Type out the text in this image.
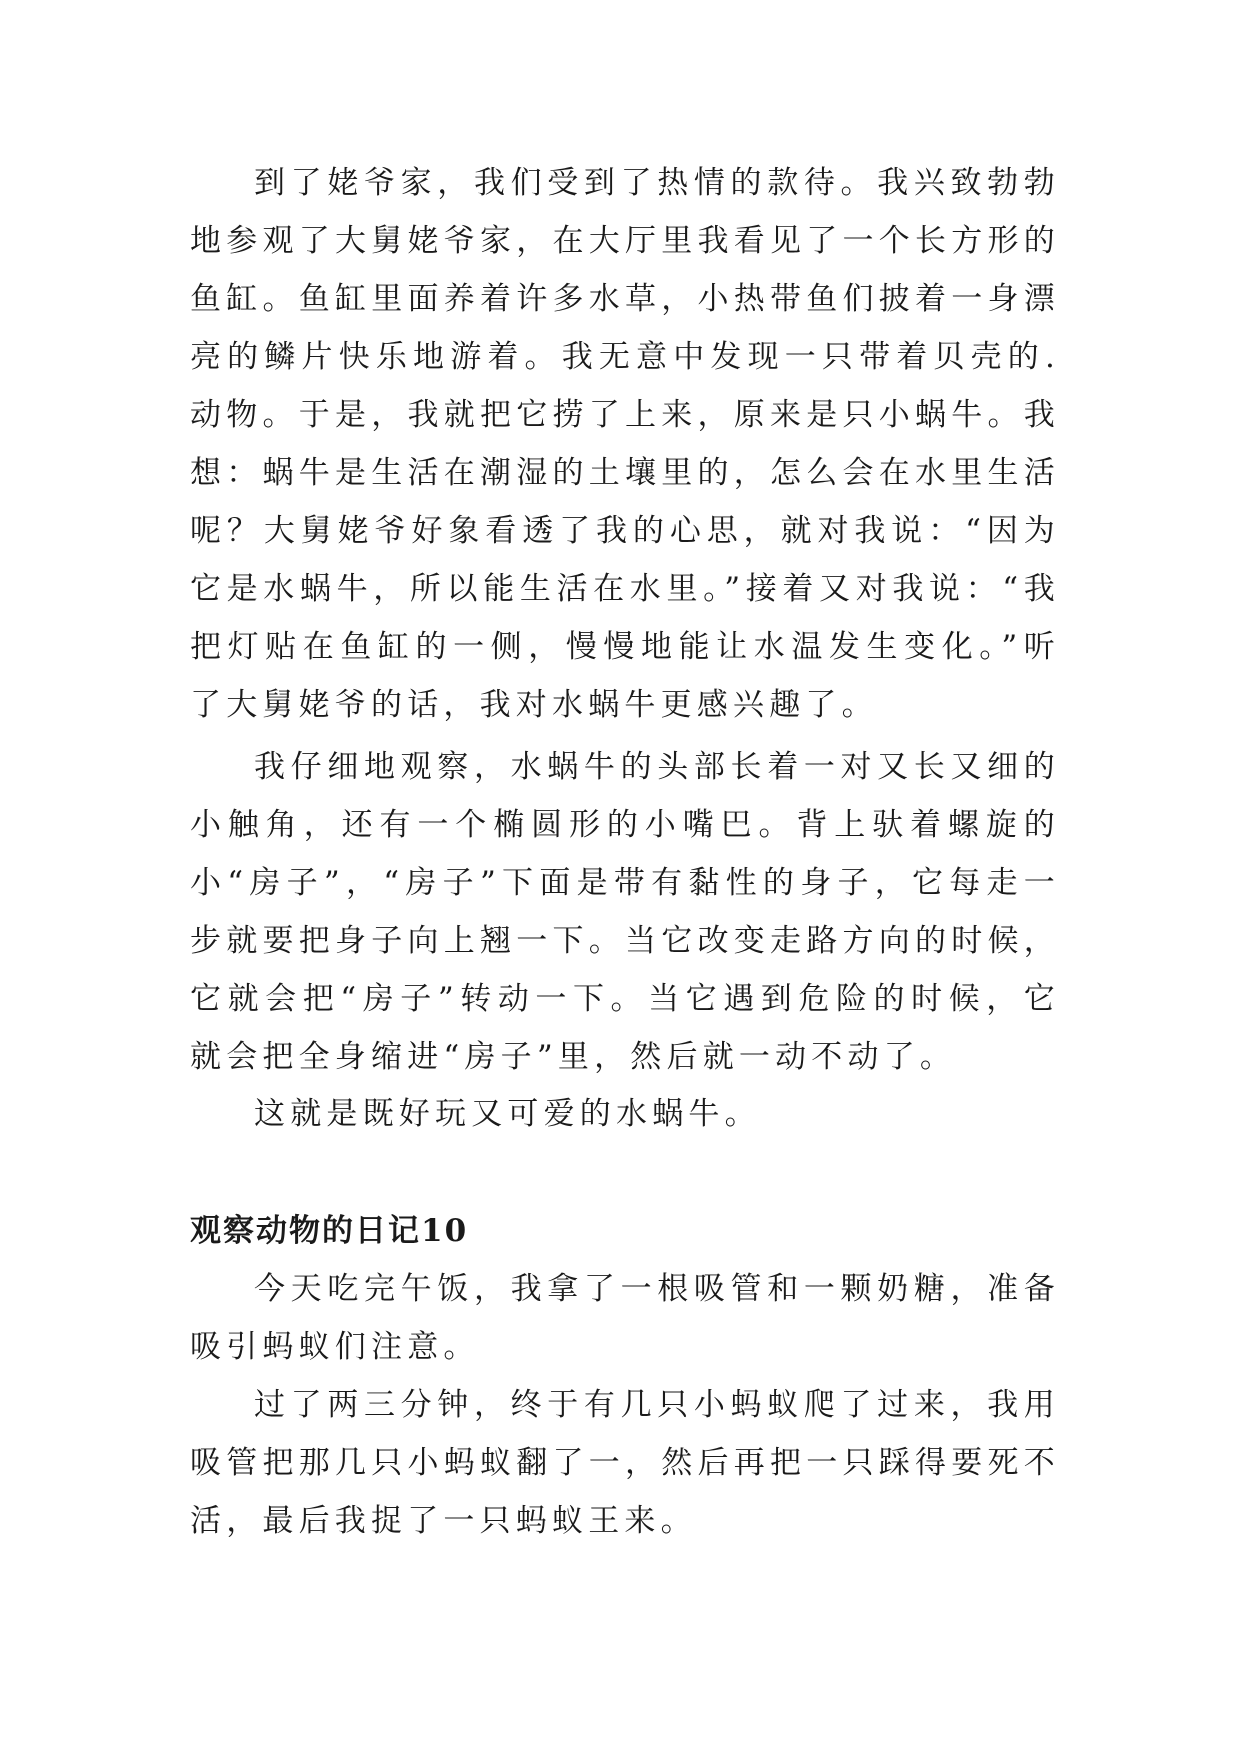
到了姥爷家，我们受到了热情的款待。我兴致勃勃地参观了大舅姥爷家，在大厅里我看见了一个长方形的鱼缸。鱼缸里面养着许多水草，小热带鱼们披着一身漂亮的鳞片快乐地游着。我无意中发现一只带着贝壳的.动物。于是，我就把它捞了上来，原来是只小蜗牛。我想：蜗牛是生活在潮湿的土壤里的，怎么会在水里生活呢？大舅姥爷好象看透了我的心思，就对我说：“因为它是水蜗牛，所以能生活在水里。”接着又对我说：“我把灯贴在鱼缸的一侧，慢慢地能让水温发生变化。”听了大舅姥爷的话，我对水蜗牛更感兴趣了。

我仔细地观察，水蜗牛的头部长着一对又长又细的小触角，还有一个椭圆形的小嘴巴。背上驮着螺旋的小“房子”，“房子”下面是带有黏性的身子，它每走一步就要把身子向上翘一下。当它改变走路方向的时候，它就会把“房子”转动一下。当它遇到危险的时候，它就会把全身缩进“房子”里，然后就一动不动了。

这就是既好玩又可爱的水蜗牛。

观察动物的日记10

今天吃完午饭，我拿了一根吸管和一颗奶糖，准备吸引蚂蚁们注意。

过了两三分钟，终于有几只小蚂蚁爬了过来，我用吸管把那几只小蚂蚁翻了一，然后再把一只踩得要死不活，最后我捉了一只蚂蚁王来。
